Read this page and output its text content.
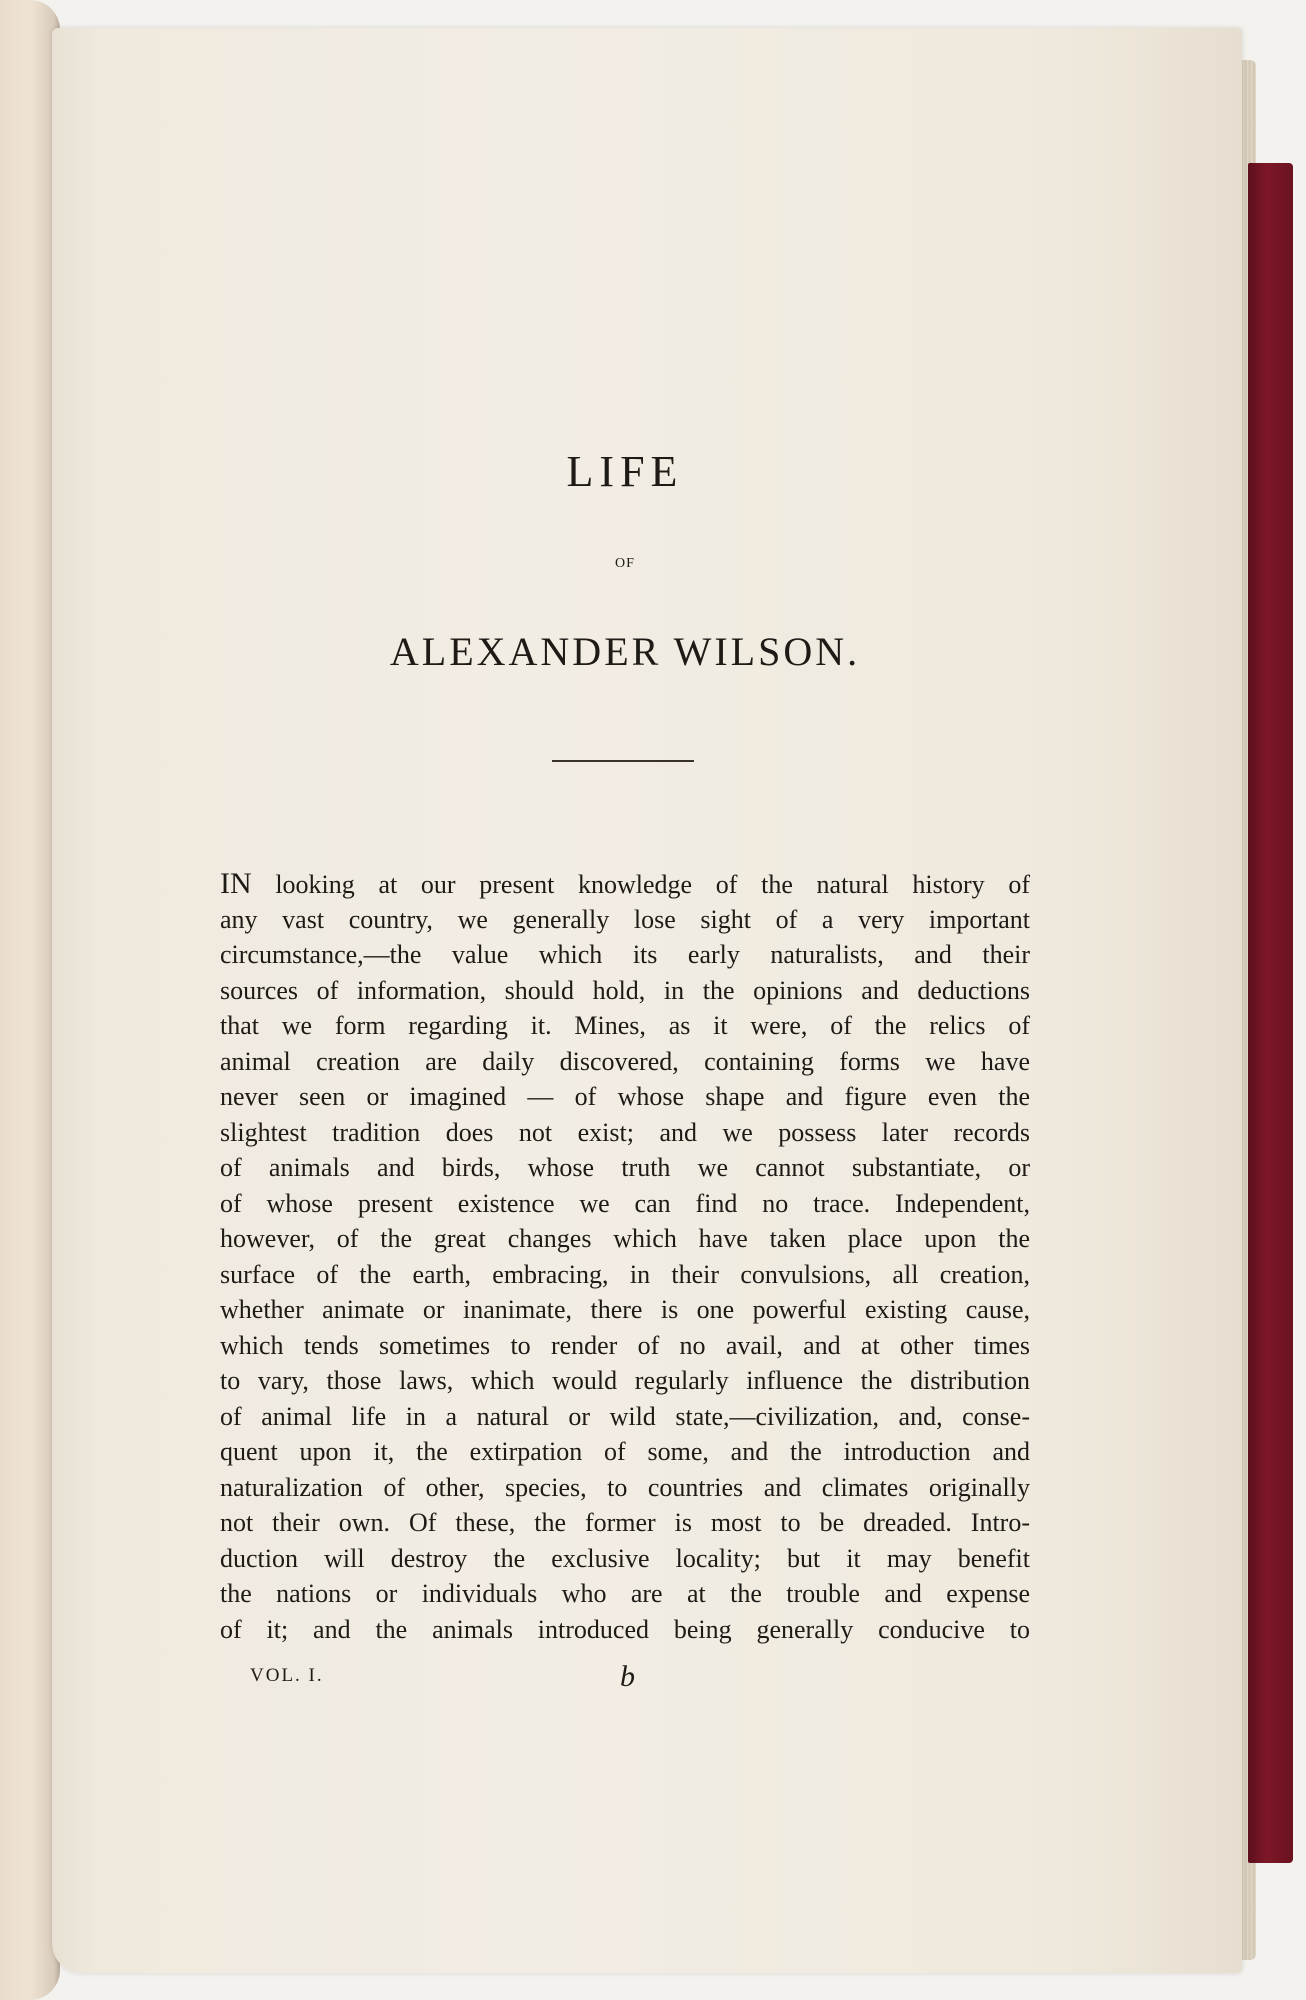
LIFE
OF
ALEXANDER WILSON.
IN looking at our present knowledge of the natural history of
any vast country, we generally lose sight of a very important
circumstance,—the value which its early naturalists, and their
sources of information, should hold, in the opinions and deductions
that we form regarding it. Mines, as it were, of the relics of
animal creation are daily discovered, containing forms we have
never seen or imagined — of whose shape and figure even the
slightest tradition does not exist; and we possess later records
of animals and birds, whose truth we cannot substantiate, or
of whose present existence we can find no trace. Independent,
however, of the great changes which have taken place upon the
surface of the earth, embracing, in their convulsions, all creation,
whether animate or inanimate, there is one powerful existing cause,
which tends sometimes to render of no avail, and at other times
to vary, those laws, which would regularly influence the distribution
of animal life in a natural or wild state,—civilization, and, conse-
quent upon it, the extirpation of some, and the introduction and
naturalization of other, species, to countries and climates originally
not their own. Of these, the former is most to be dreaded. Intro-
duction will destroy the exclusive locality; but it may benefit
the nations or individuals who are at the trouble and expense
of it; and the animals introduced being generally conducive to
VOL. I.	b
